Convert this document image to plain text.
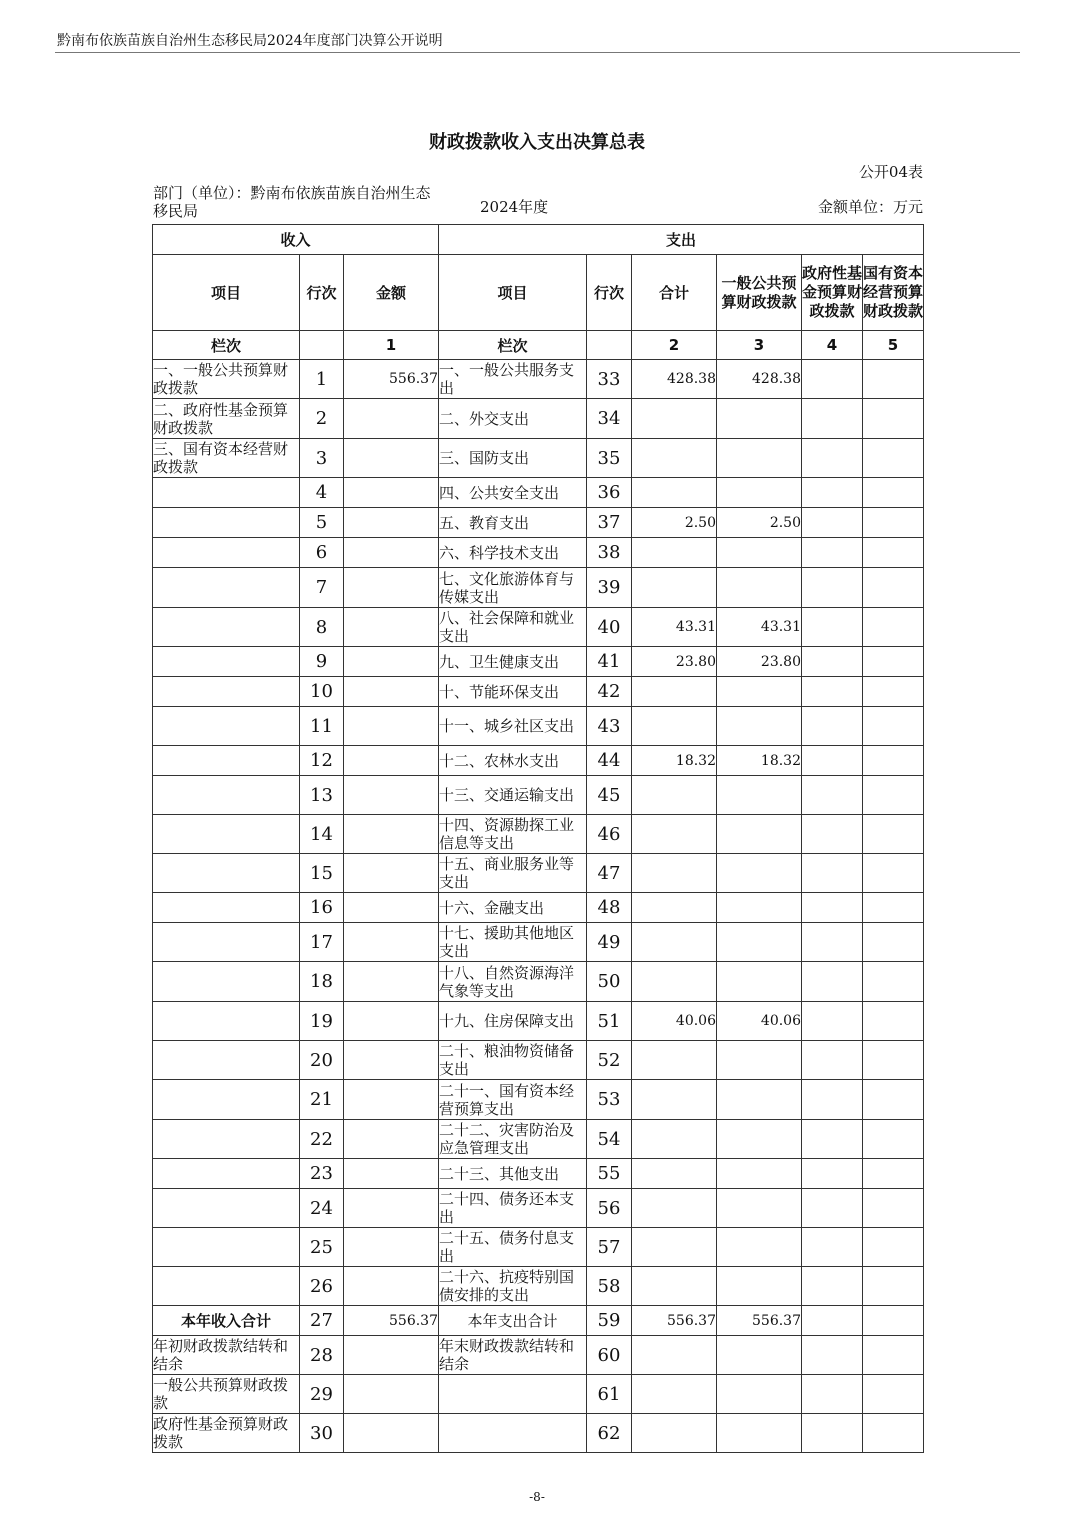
黔南布依族苗族自治州生态移民局2024年度部门决算公开说明
财政拨款收入支出决算总表
公开04表
部门（单位）：黔南布依族苗族自治州生态移民局	2024年度	金额单位：万元
收入			支出					
项目	行次	金额	项目	行次	合计	一般公共预算财政拨款	政府性基金预算财政拨款	国有资本经营预算财政拨款
栏次		1	栏次		2	3	4	5
一、一般公共预算财政拨款	1	556.37	一、一般公共服务支出	33	428.38	428.38		
二、政府性基金预算财政拨款	2		二、外交支出	34				
三、国有资本经营财政拨款	3		三、国防支出	35				
	4		四、公共安全支出	36				
	5		五、教育支出	37	2.50	2.50		
	6		六、科学技术支出	38				
	7		七、文化旅游体育与传媒支出	39				
	8		八、社会保障和就业支出	40	43.31	43.31		
	9		九、卫生健康支出	41	23.80	23.80		
	10		十、节能环保支出	42				
	11		十一、城乡社区支出	43				
	12		十二、农林水支出	44	18.32	18.32		
	13		十三、交通运输支出	45				
	14		十四、资源勘探工业信息等支出	46				
	15		十五、商业服务业等支出	47				
	16		十六、金融支出	48				
	17		十七、援助其他地区支出	49				
	18		十八、自然资源海洋气象等支出	50				
	19		十九、住房保障支出	51	40.06	40.06		
	20		二十、粮油物资储备支出	52				
	21		二十一、国有资本经营预算支出	53				
	22		二十二、灾害防治及应急管理支出	54				
	23		二十三、其他支出	55				
	24		二十四、债务还本支出	56				
	25		二十五、债务付息支出	57				
	26		二十六、抗疫特别国债安排的支出	58				
本年收入合计	27	556.37	本年支出合计	59	556.37	556.37		
年初财政拨款结转和结余	28		年末财政拨款结转和结余	60				
一般公共预算财政拨款	29			61				
政府性基金预算财政拨款	30			62				
-8-
